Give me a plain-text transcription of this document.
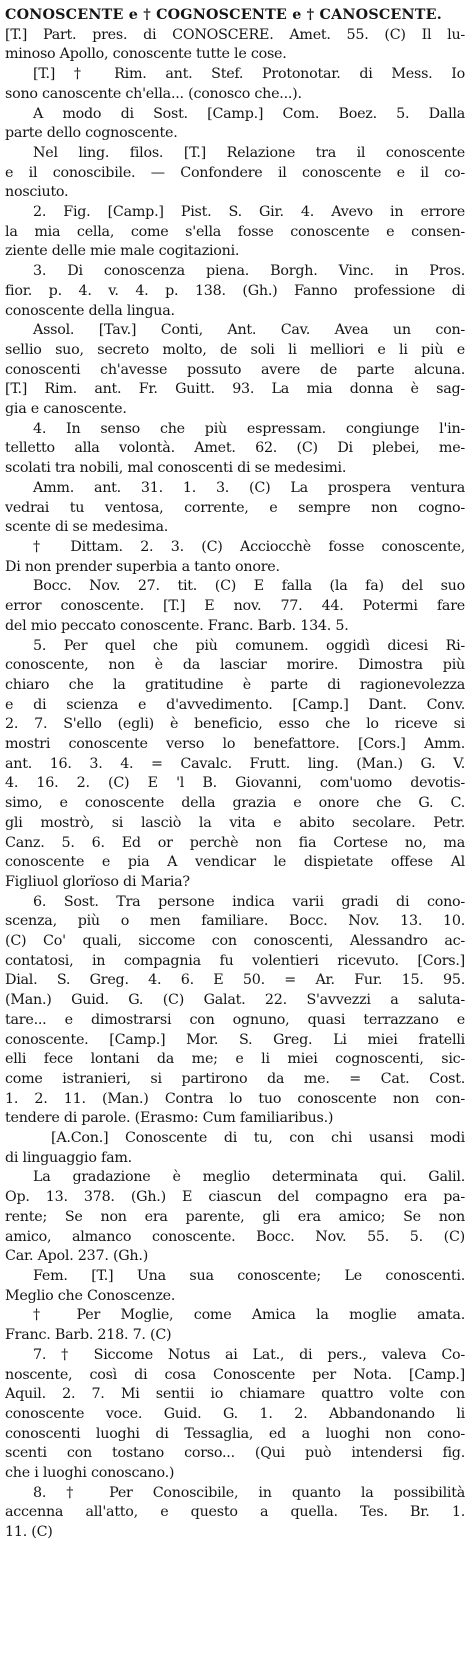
CONOSCENTE e † COGNOSCENTE e † CANOSCENTE.
[T.] Part. pres. di CONOSCERE. Amet. 55. (C) Il lu-
minoso Apollo, conoscente tutte le cose.
[T.] † Rim. ant. Stef. Protonotar. di Mess. Io
sono canoscente ch'ella... (conosco che...).
A modo di Sost. [Camp.] Com. Boez. 5. Dalla
parte dello cognoscente.
Nel ling. filos. [T.] Relazione tra il conoscente
e il conoscibile. — Confondere il conoscente e il co-
nosciuto.
2. Fig. [Camp.] Pist. S. Gir. 4. Avevo in errore
la mia cella, come s'ella fosse conoscente e consen-
ziente delle mie male cogitazioni.
3. Di conoscenza piena. Borgh. Vinc. in Pros.
fior. p. 4. v. 4. p. 138. (Gh.) Fanno professione di
conoscente della lingua.
Assol. [Tav.] Conti, Ant. Cav. Avea un con-
sellio suo, secreto molto, de soli li melliori e li più e
conoscenti ch'avesse possuto avere de parte alcuna.
[T.] Rim. ant. Fr. Guitt. 93. La mia donna è sag-
gia e canoscente.
4. In senso che più espressam. congiunge l'in-
telletto alla volontà. Amet. 62. (C) Di plebei, me-
scolati tra nobili, mal conoscenti di se medesimi.
Amm. ant. 31. 1. 3. (C) La prospera ventura
vedrai tu ventosa, corrente, e sempre non cogno-
scente di se medesima.
† Dittam. 2. 3. (C) Acciocchè fosse conoscente,
Di non prender superbia a tanto onore.
Bocc. Nov. 27. tit. (C) E falla (la fa) del suo
error conoscente. [T.] E nov. 77. 44. Potermi fare
del mio peccato conoscente. Franc. Barb. 134. 5.
5. Per quel che più comunem. oggidì dicesi Ri-
conoscente, non è da lasciar morire. Dimostra più
chiaro che la gratitudine è parte di ragionevolezza
e di scienza e d'avvedimento. [Camp.] Dant. Conv.
2. 7. S'ello (egli) è beneficio, esso che lo riceve si
mostri conoscente verso lo benefattore. [Cors.] Amm.
ant. 16. 3. 4. = Cavalc. Frutt. ling. (Man.) G. V.
4. 16. 2. (C) E 'l B. Giovanni, com'uomo devotis-
simo, e conoscente della grazia e onore che G. C.
gli mostrò, si lasciò la vita e abito secolare. Petr.
Canz. 5. 6. Ed or perchè non fia Cortese no, ma
conoscente e pia A vendicar le dispietate offese Al
Figliuol glorïoso di Maria?
6. Sost. Tra persone indica varii gradi di cono-
scenza, più o men familiare. Bocc. Nov. 13. 10.
(C) Co' quali, siccome con conoscenti, Alessandro ac-
contatosi, in compagnia fu volentieri ricevuto. [Cors.]
Dial. S. Greg. 4. 6. E 50. = Ar. Fur. 15. 95.
(Man.) Guid. G. (C) Galat. 22. S'avvezzi a saluta-
tare... e dimostrarsi con ognuno, quasi terrazzano e
conoscente. [Camp.] Mor. S. Greg. Li miei fratelli
elli fece lontani da me; e li miei cognoscenti, sic-
come istranieri, si partirono da me. = Cat. Cost.
1. 2. 11. (Man.) Contra lo tuo conoscente non con-
tendere di parole. (Erasmo: Cum familiaribus.)
[A.Con.] Conoscente di tu, con chi usansi modi
di linguaggio fam.
La gradazione è meglio determinata qui. Galil.
Op. 13. 378. (Gh.) E ciascun del compagno era pa-
rente; Se non era parente, gli era amico; Se non
amico, almanco conoscente. Bocc. Nov. 55. 5. (C)
Car. Apol. 237. (Gh.)
Fem. [T.] Una sua conoscente; Le conoscenti.
Meglio che Conoscenze.
† Per Moglie, come Amica la moglie amata.
Franc. Barb. 218. 7. (C)
7. † Siccome Notus ai Lat., di pers., valeva Co-
noscente, così di cosa Conoscente per Nota. [Camp.]
Aquil. 2. 7. Mi sentii io chiamare quattro volte con
conoscente voce. Guid. G. 1. 2. Abbandonando li
conoscenti luoghi di Tessaglia, ed a luoghi non cono-
scenti con tostano corso... (Qui può intendersi fig.
che i luoghi conoscano.)
8. † Per Conoscibile, in quanto la possibilità
accenna all'atto, e questo a quella. Tes. Br. 1.
11. (C)
